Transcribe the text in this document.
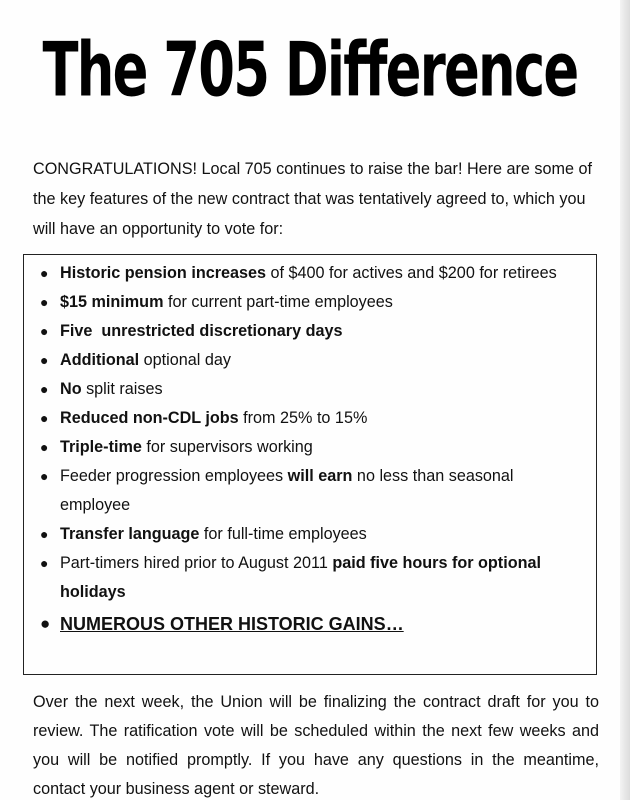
The 705 Difference

CONGRATULATIONS! Local 705 continues to raise the bar! Here are some of the key features of the new contract that was tentatively agreed to, which you will have an opportunity to vote for:

● Historic pension increases of $400 for actives and $200 for retirees
● $15 minimum for current part-time employees
● Five  unrestricted discretionary days
● Additional optional day
● No split raises
● Reduced non-CDL jobs from 25% to 15%
● Triple-time for supervisors working
● Feeder progression employees will earn no less than seasonal employee
● Transfer language for full-time employees
● Part-timers hired prior to August 2011 paid five hours for optional holidays
● NUMEROUS OTHER HISTORIC GAINS…

Over the next week, the Union will be finalizing the contract draft for you to review. The ratification vote will be scheduled within the next few weeks and you will be notified promptly. If you have any questions in the meantime, contact your business agent or steward.
